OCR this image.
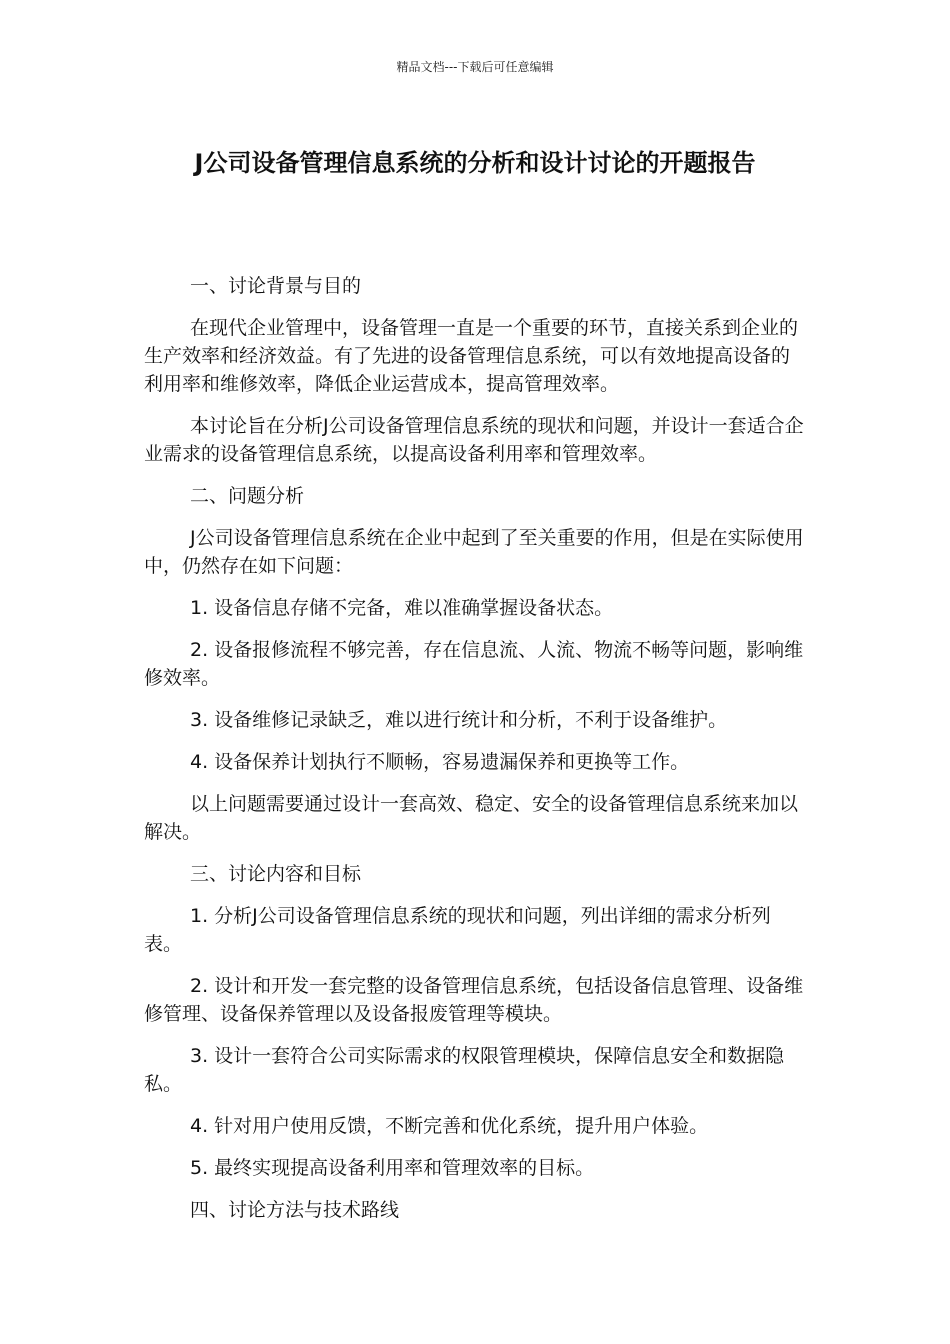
精品文档---下载后可任意编辑
J公司设备管理信息系统的分析和设计讨论的开题报告

一、讨论背景与目的

在现代企业管理中，设备管理一直是一个重要的环节，直接关系到企业的生产效率和经济效益。有了先进的设备管理信息系统，可以有效地提高设备的利用率和维修效率，降低企业运营成本，提高管理效率。

本讨论旨在分析J公司设备管理信息系统的现状和问题，并设计一套适合企业需求的设备管理信息系统，以提高设备利用率和管理效率。

二、问题分析

J公司设备管理信息系统在企业中起到了至关重要的作用，但是在实际使用中，仍然存在如下问题：

1. 设备信息存储不完备，难以准确掌握设备状态。

2. 设备报修流程不够完善，存在信息流、人流、物流不畅等问题，影响维修效率。

3. 设备维修记录缺乏，难以进行统计和分析，不利于设备维护。

4. 设备保养计划执行不顺畅，容易遗漏保养和更换等工作。

以上问题需要通过设计一套高效、稳定、安全的设备管理信息系统来加以解决。

三、讨论内容和目标

1. 分析J公司设备管理信息系统的现状和问题，列出详细的需求分析列表。

2. 设计和开发一套完整的设备管理信息系统，包括设备信息管理、设备维修管理、设备保养管理以及设备报废管理等模块。

3. 设计一套符合公司实际需求的权限管理模块，保障信息安全和数据隐私。

4. 针对用户使用反馈，不断完善和优化系统，提升用户体验。

5. 最终实现提高设备利用率和管理效率的目标。

四、讨论方法与技术路线
